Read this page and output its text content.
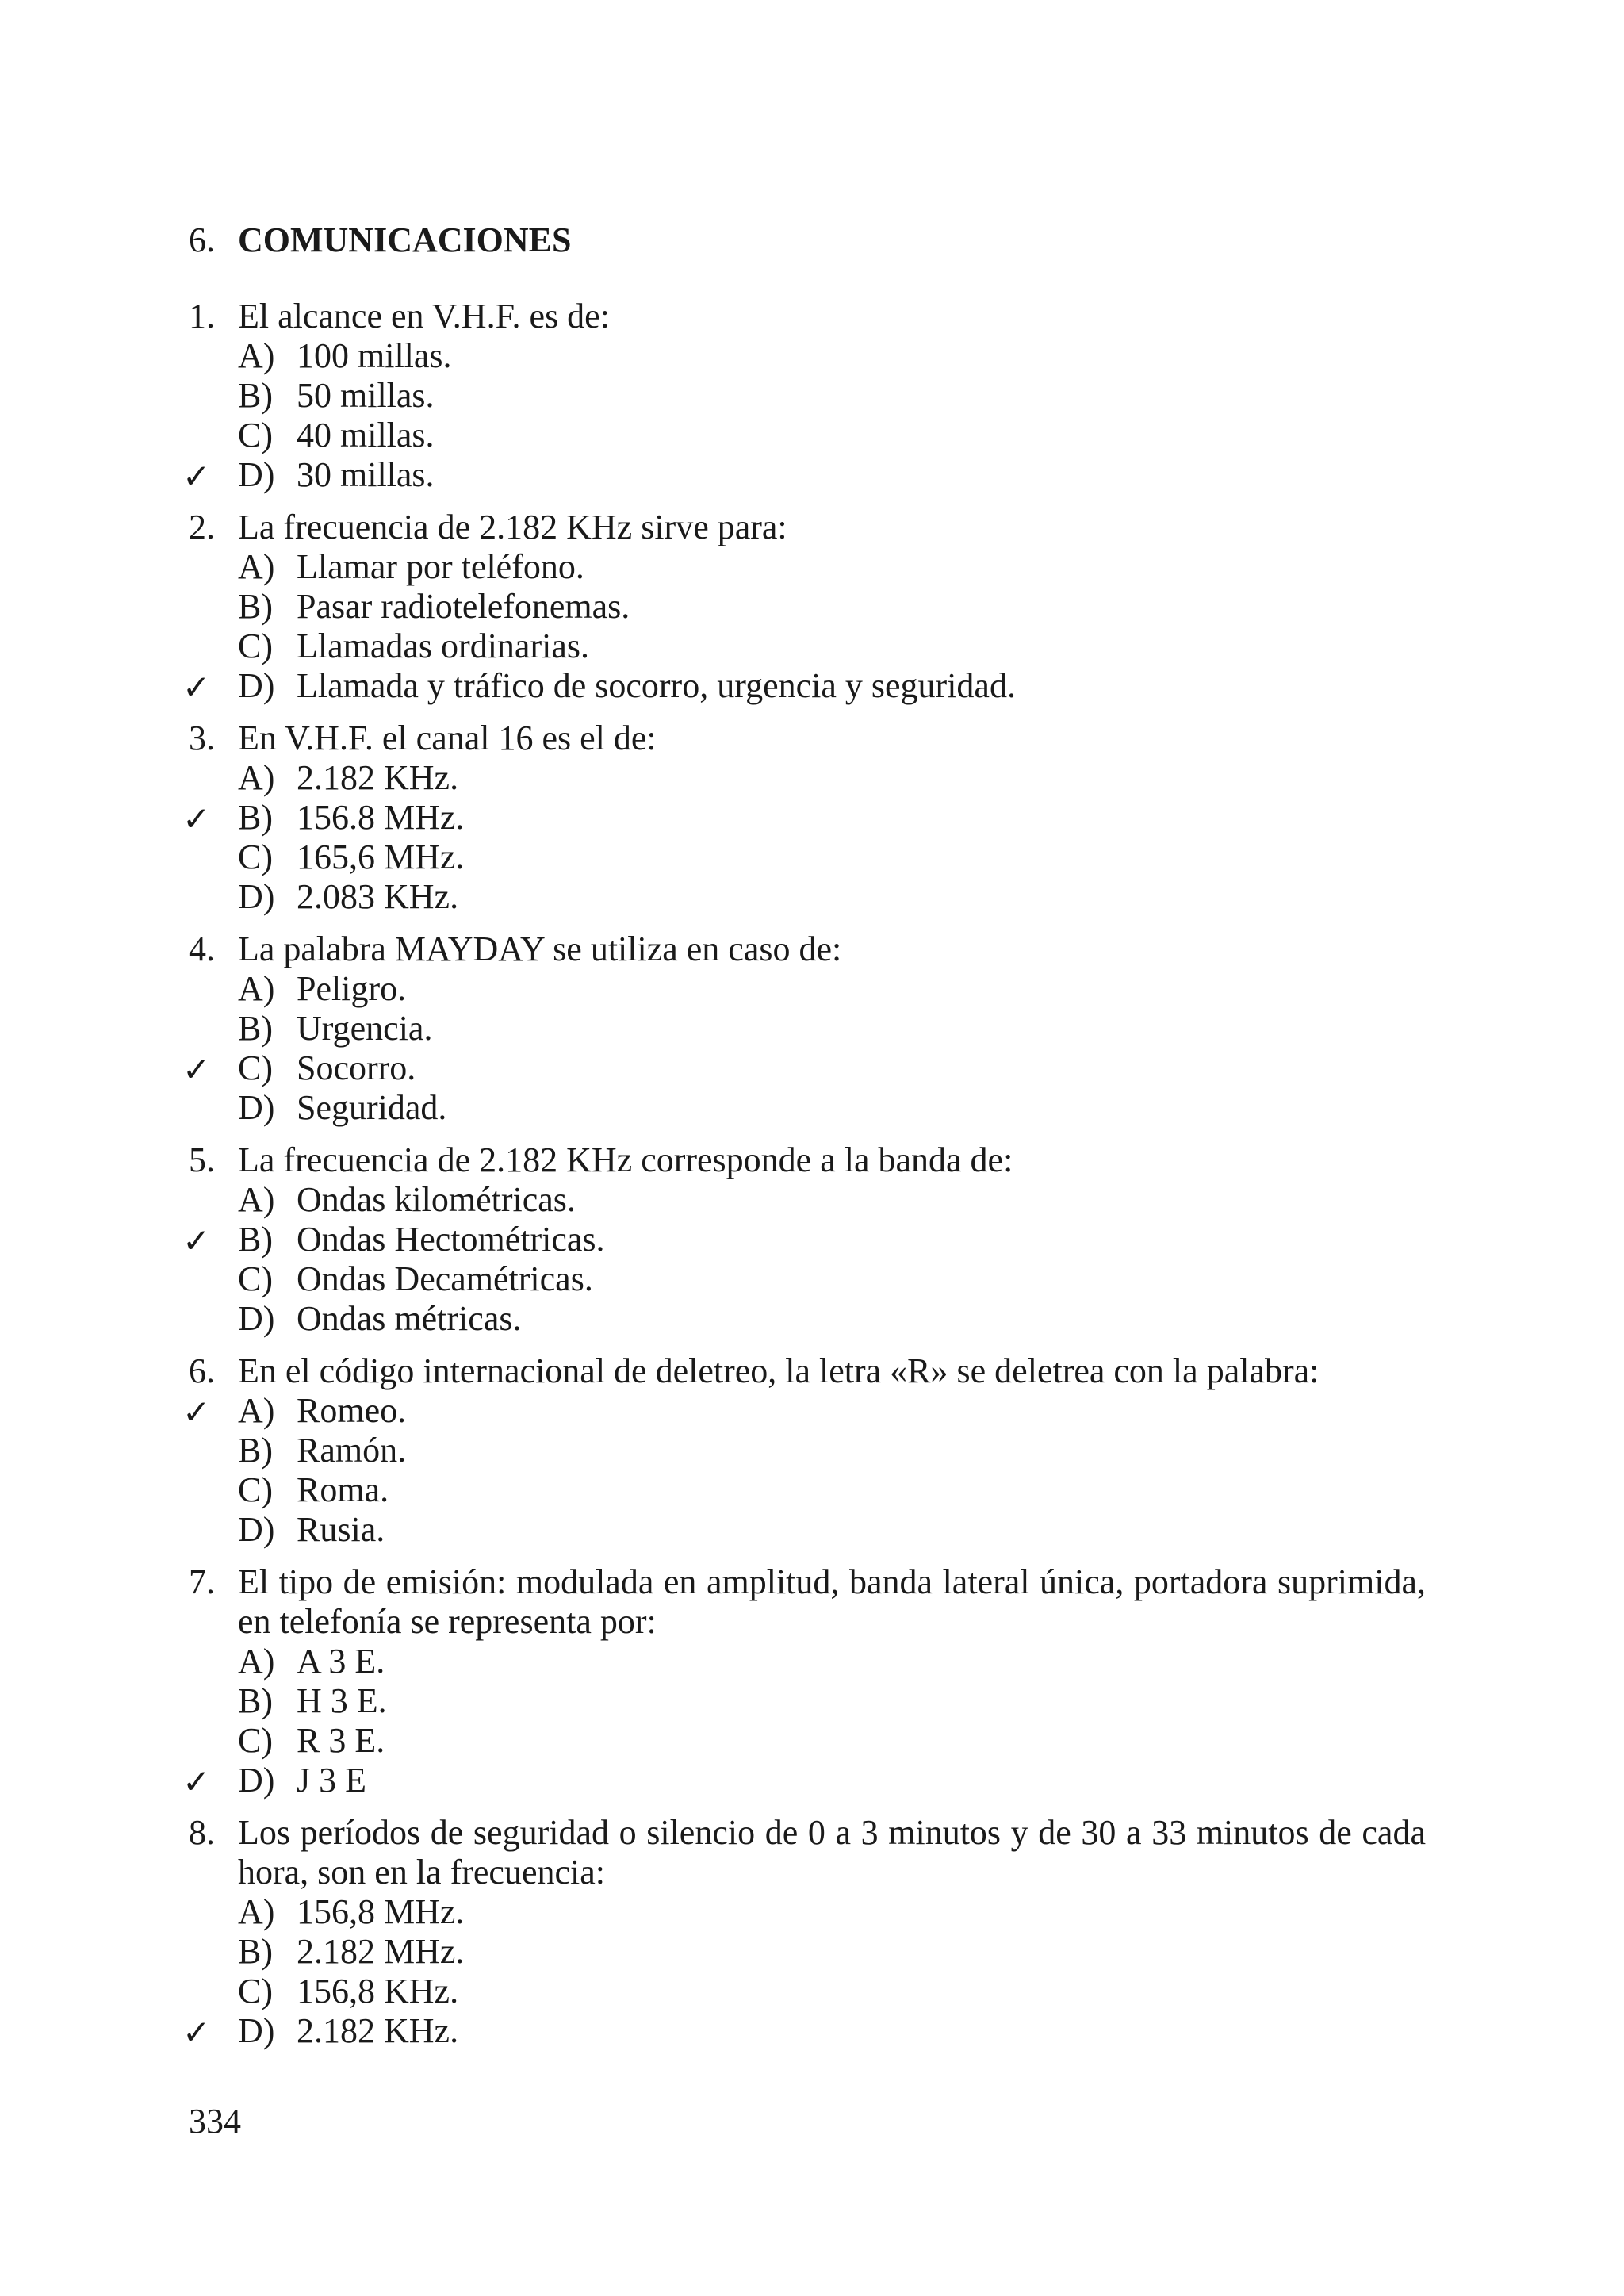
6. COMUNICACIONES
1. El alcance en V.H.F. es de:
A) 100 millas.
B) 50 millas.
C) 40 millas.
✓ D) 30 millas.
2. La frecuencia de 2.182 KHz sirve para:
A) Llamar por teléfono.
B) Pasar radiotelefonemas.
C) Llamadas ordinarias.
✓ D) Llamada y tráfico de socorro, urgencia y seguridad.
3. En V.H.F. el canal 16 es el de:
A) 2.182 KHz.
✓ B) 156.8 MHz.
C) 165,6 MHz.
D) 2.083 KHz.
4. La palabra MAYDAY se utiliza en caso de:
A) Peligro.
B) Urgencia.
✓ C) Socorro.
D) Seguridad.
5. La frecuencia de 2.182 KHz corresponde a la banda de:
A) Ondas kilométricas.
✓ B) Ondas Hectométricas.
C) Ondas Decamétricas.
D) Ondas métricas.
6. En el código internacional de deletreo, la letra «R» se deletrea con la palabra:
✓ A) Romeo.
B) Ramón.
C) Roma.
D) Rusia.
7. El tipo de emisión: modulada en amplitud, banda lateral única, portadora suprimida, en telefonía se representa por:
A) A 3 E.
B) H 3 E.
C) R 3 E.
✓ D) J 3 E
8. Los períodos de seguridad o silencio de 0 a 3 minutos y de 30 a 33 minutos de cada hora, son en la frecuencia:
A) 156,8 MHz.
B) 2.182 MHz.
C) 156,8 KHz.
✓ D) 2.182 KHz.
334
